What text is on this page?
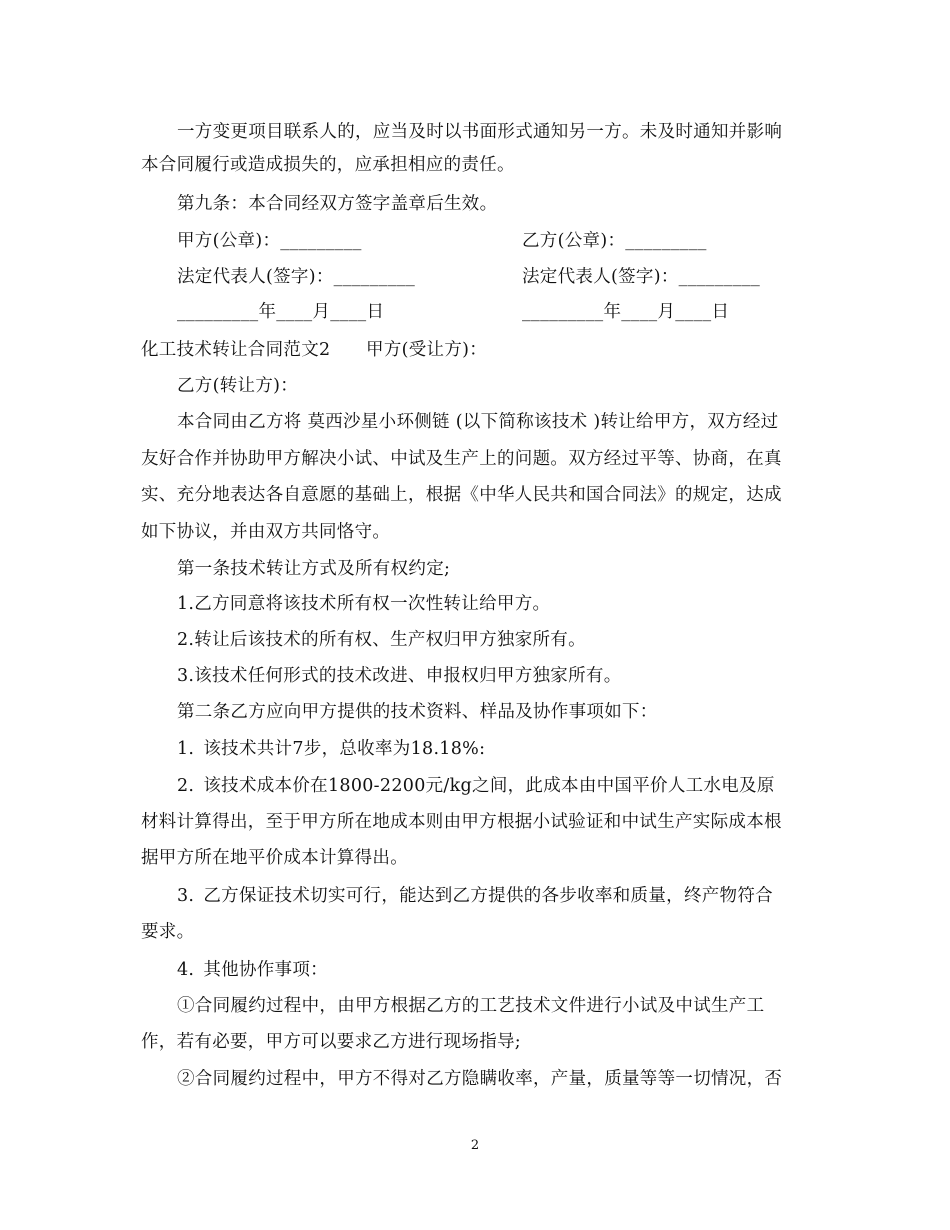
一方变更项目联系人的，应当及时以书面形式通知另一方。未及时通知并影响
本合同履行或造成损失的，应承担相应的责任。
第九条：本合同经双方签字盖章后生效。
甲方(公章)：_________	乙方(公章)：_________
法定代表人(签字)：_________	法定代表人(签字)：_________
_________年____月____日	_________年____月____日
化工技术转让合同范文2　　甲方(受让方)：
乙方(转让方)：
本合同由乙方将 莫西沙星小环侧链 (以下简称该技术 )转让给甲方，双方经过
友好合作并协助甲方解决小试、中试及生产上的问题。双方经过平等、协商，在真
实、充分地表达各自意愿的基础上，根据《中华人民共和国合同法》的规定，达成
如下协议，并由双方共同恪守。
第一条技术转让方式及所有权约定;
1.乙方同意将该技术所有权一次性转让给甲方。
2.转让后该技术的所有权、生产权归甲方独家所有。
3.该技术任何形式的技术改进、申报权归甲方独家所有。
第二条乙方应向甲方提供的技术资料、样品及协作事项如下：
1. 该技术共计7步，总收率为18.18%:
2. 该技术成本价在1800-2200元/kg之间，此成本由中国平价人工水电及原
材料计算得出，至于甲方所在地成本则由甲方根据小试验证和中试生产实际成本根
据甲方所在地平价成本计算得出。
3. 乙方保证技术切实可行，能达到乙方提供的各步收率和质量，终产物符合
要求。
4. 其他协作事项：
①合同履约过程中，由甲方根据乙方的工艺技术文件进行小试及中试生产工
作，若有必要，甲方可以要求乙方进行现场指导;
②合同履约过程中，甲方不得对乙方隐瞒收率，产量，质量等等一切情况，否
2
